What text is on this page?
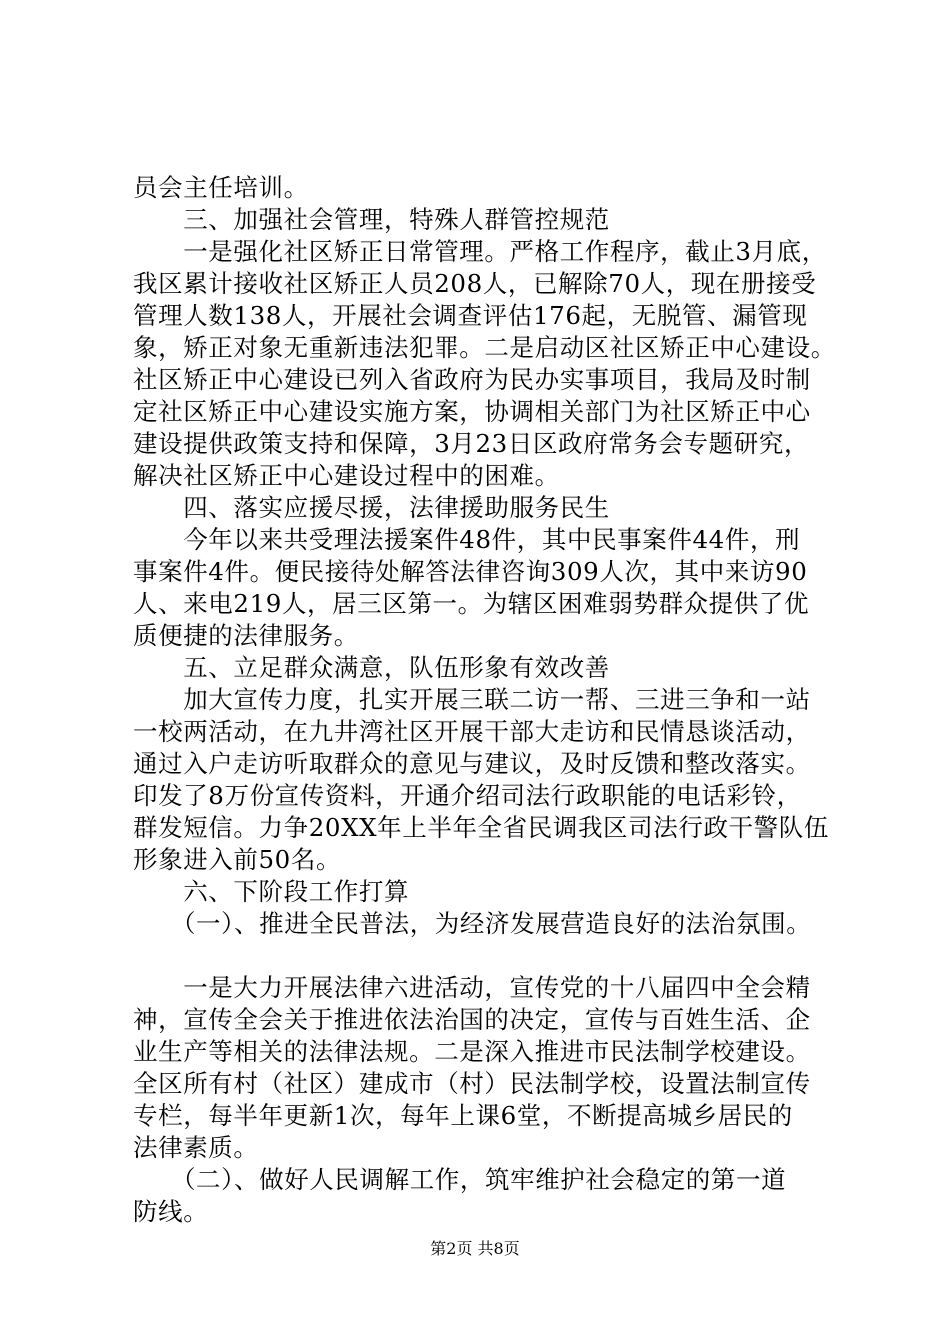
员会主任培训。
　　三、加强社会管理，特殊人群管控规范
　　一是强化社区矫正日常管理。严格工作程序，截止3月底，
我区累计接收社区矫正人员208人，已解除70人，现在册接受
管理人数138人，开展社会调查评估176起，无脱管、漏管现
象，矫正对象无重新违法犯罪。二是启动区社区矫正中心建设。
社区矫正中心建设已列入省政府为民办实事项目，我局及时制
定社区矫正中心建设实施方案，协调相关部门为社区矫正中心
建设提供政策支持和保障，3月23日区政府常务会专题研究，
解决社区矫正中心建设过程中的困难。
　　四、落实应援尽援，法律援助服务民生
　　今年以来共受理法援案件48件，其中民事案件44件，刑
事案件4件。便民接待处解答法律咨询309人次，其中来访90
人、来电219人，居三区第一。为辖区困难弱势群众提供了优
质便捷的法律服务。
　　五、立足群众满意，队伍形象有效改善
　　加大宣传力度，扎实开展三联二访一帮、三进三争和一站
一校两活动，在九井湾社区开展干部大走访和民情恳谈活动，
通过入户走访听取群众的意见与建议，及时反馈和整改落实。
印发了8万份宣传资料，开通介绍司法行政职能的电话彩铃，
群发短信。力争20XX年上半年全省民调我区司法行政干警队伍
形象进入前50名。
　　六、下阶段工作打算
　　（一）、推进全民普法，为经济发展营造良好的法治氛围。
　　一是大力开展法律六进活动，宣传党的十八届四中全会精
神，宣传全会关于推进依法治国的决定，宣传与百姓生活、企
业生产等相关的法律法规。二是深入推进市民法制学校建设。
全区所有村（社区）建成市（村）民法制学校，设置法制宣传
专栏，每半年更新1次，每年上课6堂，不断提高城乡居民的
法律素质。
　　（二）、做好人民调解工作，筑牢维护社会稳定的第一道
防线。
第2页 共8页
